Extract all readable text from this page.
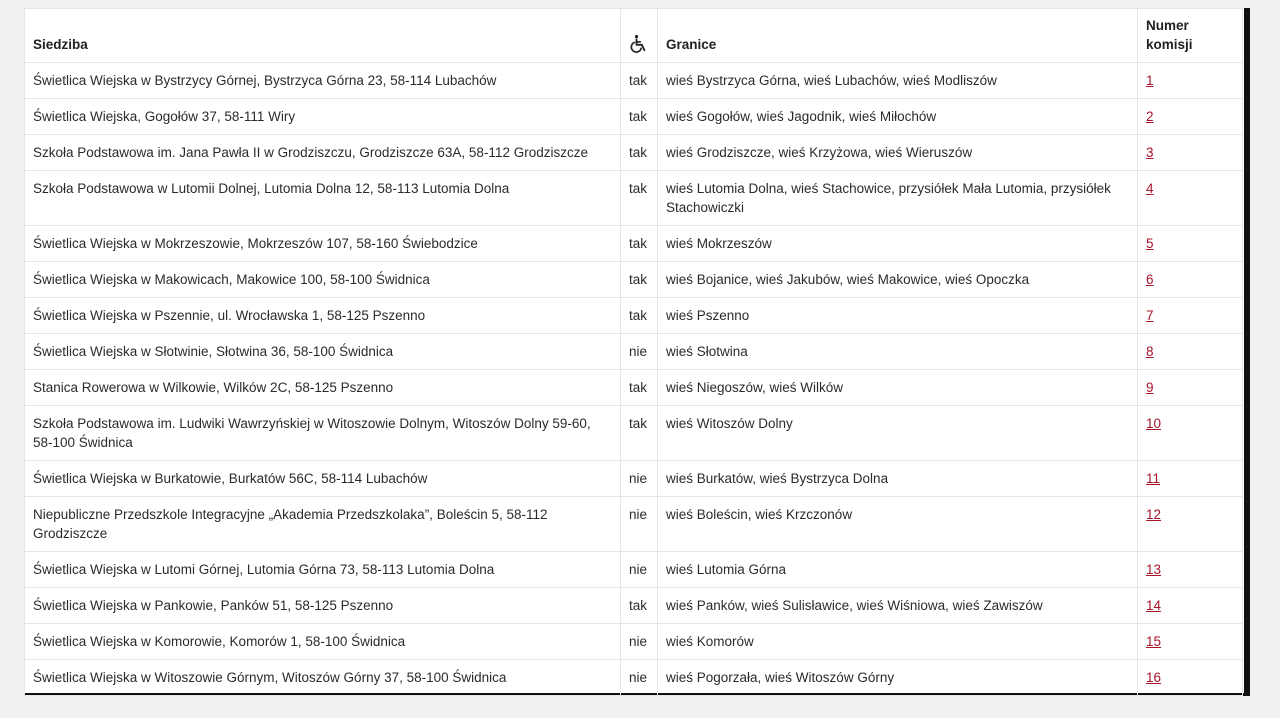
Siedziba		Granice	Numer komisji

Świetlica Wiejska w Bystrzycy Górnej, Bystrzyca Górna 23, 58-114 Lubachów	tak	wieś Bystrzyca Górna, wieś Lubachów, wieś Modliszów	1
Świetlica Wiejska, Gogołów 37, 58-111 Wiry	tak	wieś Gogołów, wieś Jagodnik, wieś Miłochów	2
Szkoła Podstawowa im. Jana Pawła II w Grodziszczu, Grodziszcze 63A, 58-112 Grodziszcze	tak	wieś Grodziszcze, wieś Krzyżowa, wieś Wieruszów	3
Szkoła Podstawowa w Lutomii Dolnej, Lutomia Dolna 12, 58-113 Lutomia Dolna	tak	wieś Lutomia Dolna, wieś Stachowice, przysiółek Mała Lutomia, przysiółek Stachowiczki	4
Świetlica Wiejska w Mokrzeszowie, Mokrzeszów 107, 58-160 Świebodzice	tak	wieś Mokrzeszów	5
Świetlica Wiejska w Makowicach, Makowice 100, 58-100 Świdnica	tak	wieś Bojanice, wieś Jakubów, wieś Makowice, wieś Opoczka	6
Świetlica Wiejska w Pszennie, ul. Wrocławska 1, 58-125 Pszenno	tak	wieś Pszenno	7
Świetlica Wiejska w Słotwinie, Słotwina 36, 58-100 Świdnica	nie	wieś Słotwina	8
Stanica Rowerowa w Wilkowie, Wilków 2C, 58-125 Pszenno	tak	wieś Niegoszów, wieś Wilków	9
Szkoła Podstawowa im. Ludwiki Wawrzyńskiej w Witoszowie Dolnym, Witoszów Dolny 59-60, 58-100 Świdnica	tak	wieś Witoszów Dolny	10
Świetlica Wiejska w Burkatowie, Burkatów 56C, 58-114 Lubachów	nie	wieś Burkatów, wieś Bystrzyca Dolna	11
Niepubliczne Przedszkole Integracyjne „Akademia Przedszkolaka”, Boleścin 5, 58-112 Grodziszcze	nie	wieś Boleścin, wieś Krzczonów	12
Świetlica Wiejska w Lutomi Górnej, Lutomia Górna 73, 58-113 Lutomia Dolna	nie	wieś Lutomia Górna	13
Świetlica Wiejska w Pankowie, Panków 51, 58-125 Pszenno	tak	wieś Panków, wieś Sulisławice, wieś Wiśniowa, wieś Zawiszów	14
Świetlica Wiejska w Komorowie, Komorów 1, 58-100 Świdnica	nie	wieś Komorów	15
Świetlica Wiejska w Witoszowie Górnym, Witoszów Górny 37, 58-100 Świdnica	nie	wieś Pogorzała, wieś Witoszów Górny	16
